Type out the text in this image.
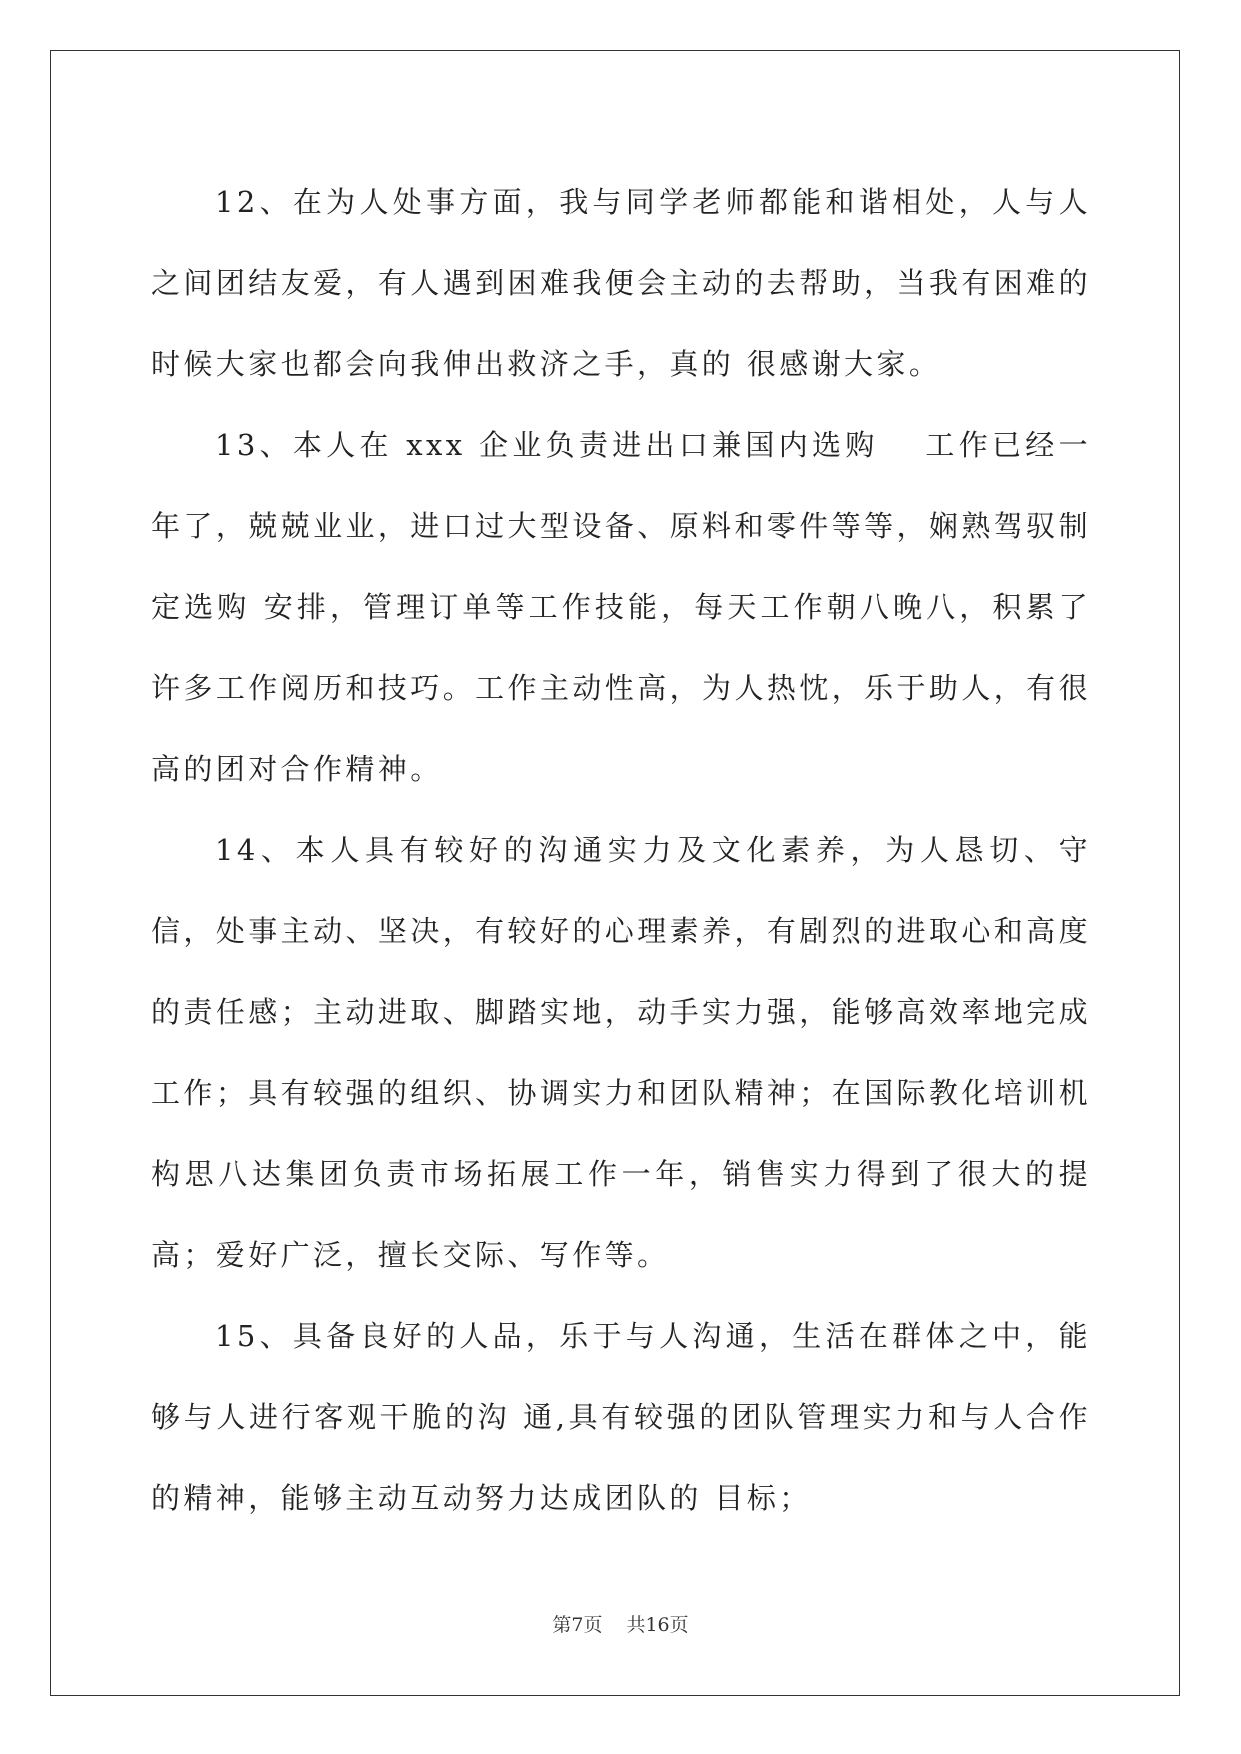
12、在为人处事方面，我与同学老师都能和谐相处，人与人之间团结友爱，有人遇到困难我便会主动的去帮助，当我有困难的时候大家也都会向我伸出救济之手，真的 很感谢大家。

13、本人在 xxx 企业负责进出口兼国内选购　 工作已经一年了，兢兢业业，进口过大型设备、原料和零件等等，娴熟驾驭制定选购 安排，管理订单等工作技能，每天工作朝八晚八，积累了许多工作阅历和技巧。工作主动性高，为人热忱，乐于助人，有很高的团对合作精神。

14、本人具有较好的沟通实力及文化素养，为人恳切、守信，处事主动、坚决，有较好的心理素养，有剧烈的进取心和高度的责任感；主动进取、脚踏实地，动手实力强，能够高效率地完成工作；具有较强的组织、协调实力和团队精神；在国际教化培训机构思八达集团负责市场拓展工作一年，销售实力得到了很大的提高；爱好广泛，擅长交际、写作等。

15、具备良好的人品，乐于与人沟通，生活在群体之中，能够与人进行客观干脆的沟 通,具有较强的团队管理实力和与人合作的精神，能够主动互动努力达成团队的 目标；

第7页 共16页
